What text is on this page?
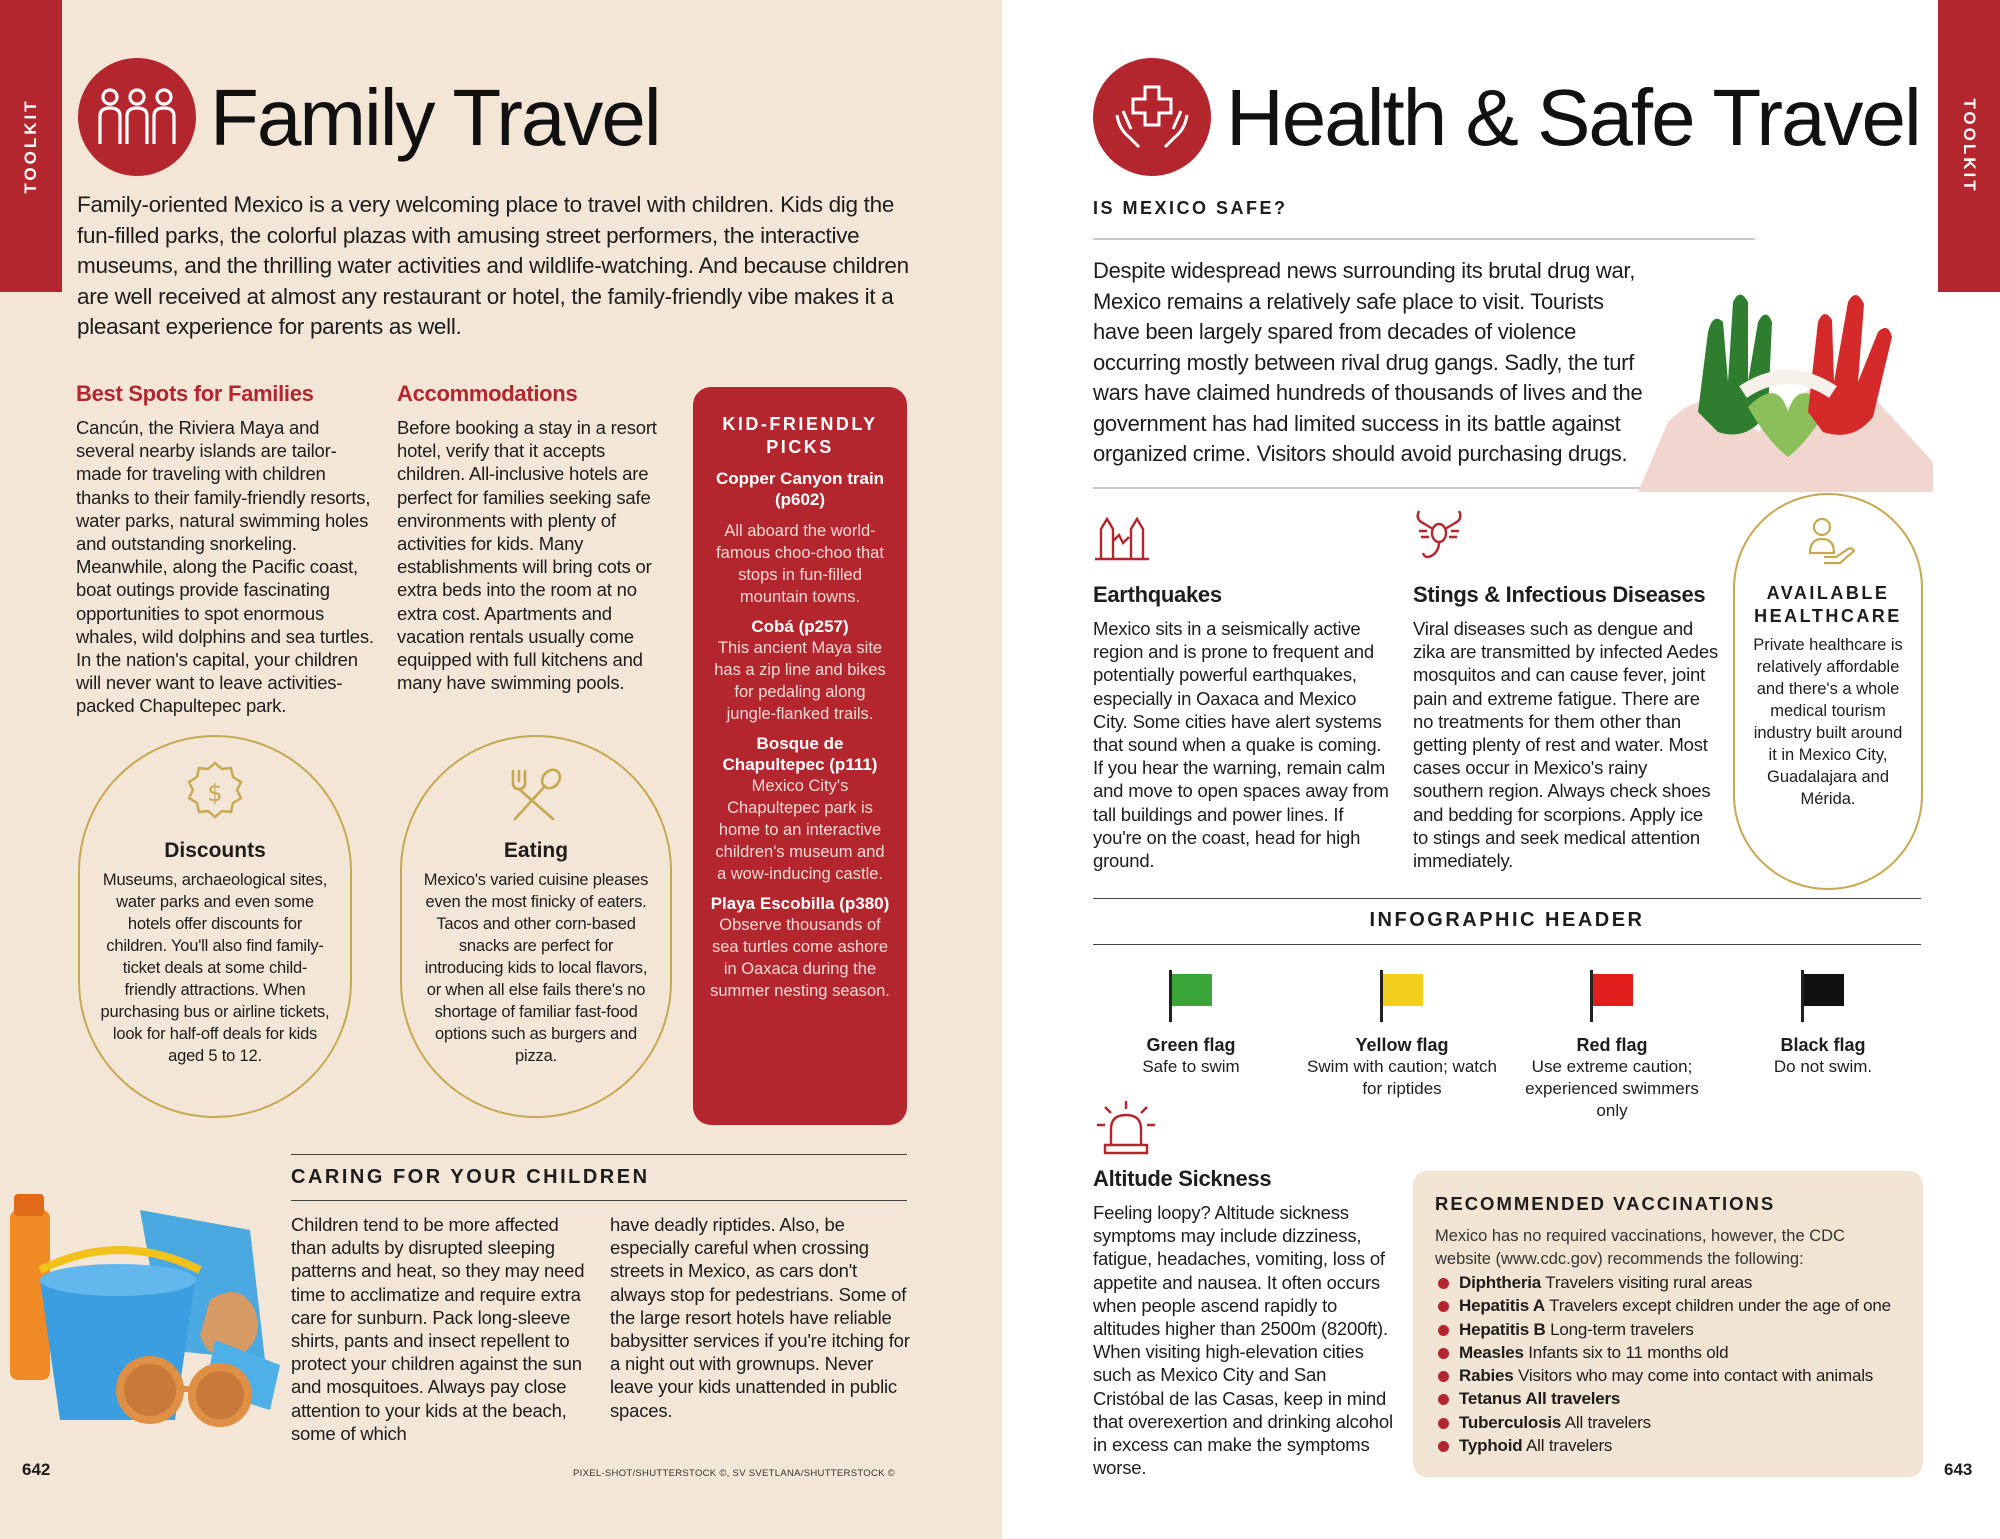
TOOLKIT Family Travel

Family-oriented Mexico is a very welcoming place to travel with children. Kids dig the fun-filled parks, the colorful plazas with amusing street performers, the interactive museums, and the thrilling water activities and wildlife-watching. And because children are well received at almost any restaurant or hotel, the family-friendly vibe makes it a pleasant experience for parents as well.

Best Spots for Families

Cancún, the Riviera Maya and several nearby islands are tailor-made for traveling with children thanks to their family-friendly resorts, water parks, natural swimming holes and outstanding snorkeling. Meanwhile, along the Pacific coast, boat outings provide fascinating opportunities to spot enormous whales, wild dolphins and sea turtles. In the nation's capital, your children will never want to leave activities-packed Chapultepec park.

Accommodations

Before booking a stay in a resort hotel, verify that it accepts children. All-inclusive hotels are perfect for families seeking safe environments with plenty of activities for kids. Many establishments will bring cots or extra beds into the room at no extra cost. Apartments and vacation rentals usually come equipped with full kitchens and many have swimming pools.

KID-FRIENDLY PICKS
Copper Canyon train (p602)
All aboard the world-famous choo-choo that stops in fun-filled mountain towns.
Cobá (p257)
This ancient Maya site has a zip line and bikes for pedaling along jungle-flanked trails.
Bosque de Chapultepec (p111)
Mexico City's Chapultepec park is home to an interactive children's museum and a wow-inducing castle.
Playa Escobilla (p380)
Observe thousands of sea turtles come ashore in Oaxaca during the summer nesting season.
$
Discounts
Museums, archaeological sites, water parks and even some hotels offer discounts for children. You'll also find family-ticket deals at some child-friendly attractions. When purchasing bus or airline tickets, look for half-off deals for kids aged 5 to 12.
Eating
Mexico's varied cuisine pleases even the most finicky of eaters. Tacos and other corn-based snacks are perfect for introducing kids to local flavors, or when all else fails there's no shortage of familiar fast-food options such as burgers and pizza.
CARING FOR YOUR CHILDREN

Children tend to be more affected than adults by disrupted sleeping patterns and heat, so they may need time to acclimatize and require extra care for sunburn. Pack long-sleeve shirts, pants and insect repellent to protect your children against the sun and mosquitoes. Always pay close attention to your kids at the beach, some of which

have deadly riptides. Also, be especially careful when crossing streets in Mexico, as cars don't always stop for pedestrians. Some of the large resort hotels have reliable babysitter services if you're itching for a night out with grownups. Never leave your kids unattended in public spaces.

642	PIXEL-SHOT/SHUTTERSTOCK ©, SV SVETLANA/SHUTTERSTOCK ©
TOOLKIT
Health & Safe Travel
IS MEXICO SAFE?

Despite widespread news surrounding its brutal drug war, Mexico remains a relatively safe place to visit. Tourists have been largely spared from decades of violence occurring mostly between rival drug gangs. Sadly, the turf wars have claimed hundreds of thousands of lives and the government has had limited success in its battle against organized crime. Visitors should avoid purchasing drugs.

Earthquakes

Mexico sits in a seismically active region and is prone to frequent and potentially powerful earthquakes, especially in Oaxaca and Mexico City. Some cities have alert systems that sound when a quake is coming. If you hear the warning, remain calm and move to open spaces away from tall buildings and power lines. If you're on the coast, head for high ground.

Stings & Infectious Diseases

Viral diseases such as dengue and zika are transmitted by infected Aedes mosquitos and can cause fever, joint pain and extreme fatigue. There are no treatments for them other than getting plenty of rest and water. Most cases occur in Mexico's rainy southern region. Always check shoes and bedding for scorpions. Apply ice to stings and seek medical attention immediately.

AVAILABLE HEALTHCARE
Private healthcare is relatively affordable and there's a whole medical tourism industry built around it in Mexico City, Guadalajara and Mérida.
INFOGRAPHIC HEADER
Green flag
Safe to swim
Yellow flag
Swim with caution; watch for riptides
Red flag
Use extreme caution; experienced swimmers only
Black flag
Do not swim.
Altitude Sickness

Feeling loopy? Altitude sickness symptoms may include dizziness, fatigue, headaches, vomiting, loss of appetite and nausea. It often occurs when people ascend rapidly to altitudes higher than 2500m (8200ft). When visiting high-elevation cities such as Mexico City and San Cristóbal de las Casas, keep in mind that overexertion and drinking alcohol in excess can make the symptoms worse.

RECOMMENDED VACCINATIONS
Mexico has no required vaccinations, however, the CDC website (www.cdc.gov) recommends the following:
Diphtheria Travelers visiting rural areas
Hepatitis A Travelers except children under the age of one
Hepatitis B Long-term travelers
Measles Infants six to 11 months old
Rabies Visitors who may come into contact with animals
Tetanus All travelers
Tuberculosis All travelers
Typhoid All travelers
643
